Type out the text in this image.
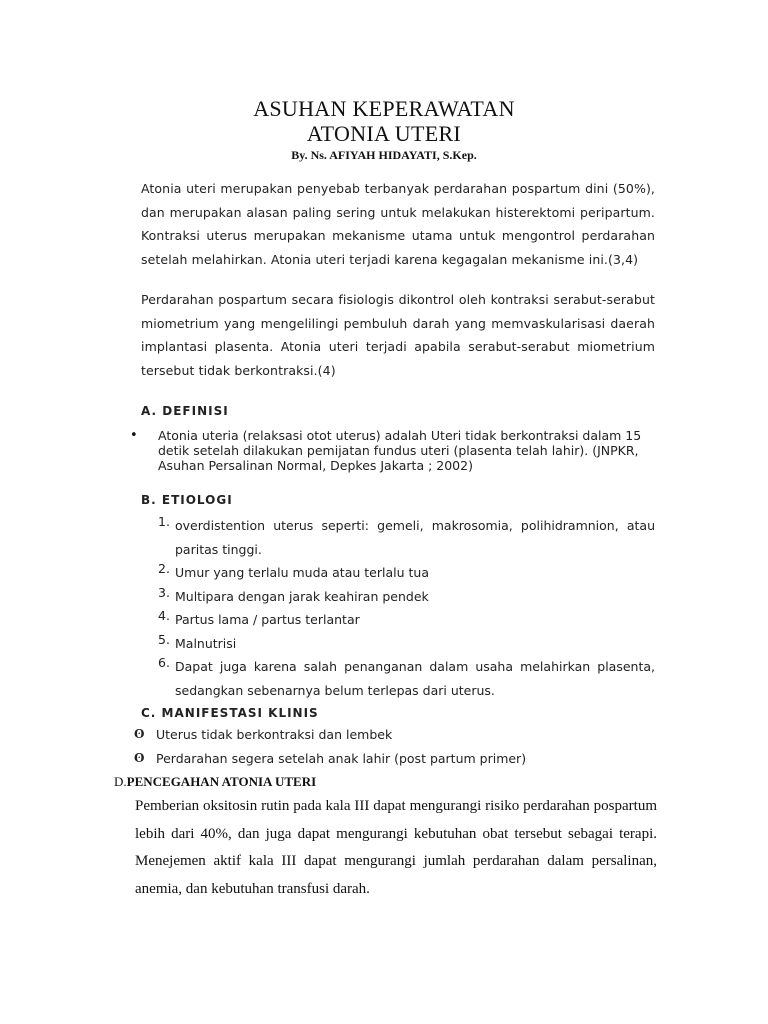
ASUHAN KEPERAWATAN
ATONIA UTERI
By. Ns. AFIYAH HIDAYATI, S.Kep.
Atonia uteri merupakan penyebab terbanyak perdarahan pospartum dini (50%), dan merupakan alasan paling sering untuk melakukan histerektomi peripartum. Kontraksi uterus merupakan mekanisme utama untuk mengontrol perdarahan setelah melahirkan. Atonia uteri terjadi karena kegagalan mekanisme ini.(3,4)
Perdarahan pospartum secara fisiologis dikontrol oleh kontraksi serabut-serabut miometrium yang mengelilingi pembuluh darah yang memvaskularisasi daerah implantasi plasenta. Atonia uteri terjadi apabila serabut-serabut miometrium tersebut tidak berkontraksi.(4)
A. DEFINISI
• Atonia uteria (relaksasi otot uterus) adalah Uteri tidak berkontraksi dalam 15 detik setelah dilakukan pemijatan fundus uteri (plasenta telah lahir). (JNPKR, Asuhan Persalinan Normal, Depkes Jakarta ; 2002)
B. ETIOLOGI
1. overdistention uterus seperti: gemeli, makrosomia, polihidramnion, atau paritas tinggi.
2. Umur yang terlalu muda atau terlalu tua
3. Multipara dengan jarak keahiran pendek
4. Partus lama / partus terlantar
5. Malnutrisi
6. Dapat juga karena salah penanganan dalam usaha melahirkan plasenta, sedangkan sebenarnya belum terlepas dari uterus.
C. MANIFESTASI KLINIS
ʘ Uterus tidak berkontraksi dan lembek
ʘ Perdarahan segera setelah anak lahir (post partum primer)
D.PENCEGAHAN ATONIA UTERI
Pemberian oksitosin rutin pada kala III dapat mengurangi risiko perdarahan pospartum lebih dari 40%, dan juga dapat mengurangi kebutuhan obat tersebut sebagai terapi. Menejemen aktif kala III dapat mengurangi jumlah perdarahan dalam persalinan, anemia, dan kebutuhan transfusi darah.
